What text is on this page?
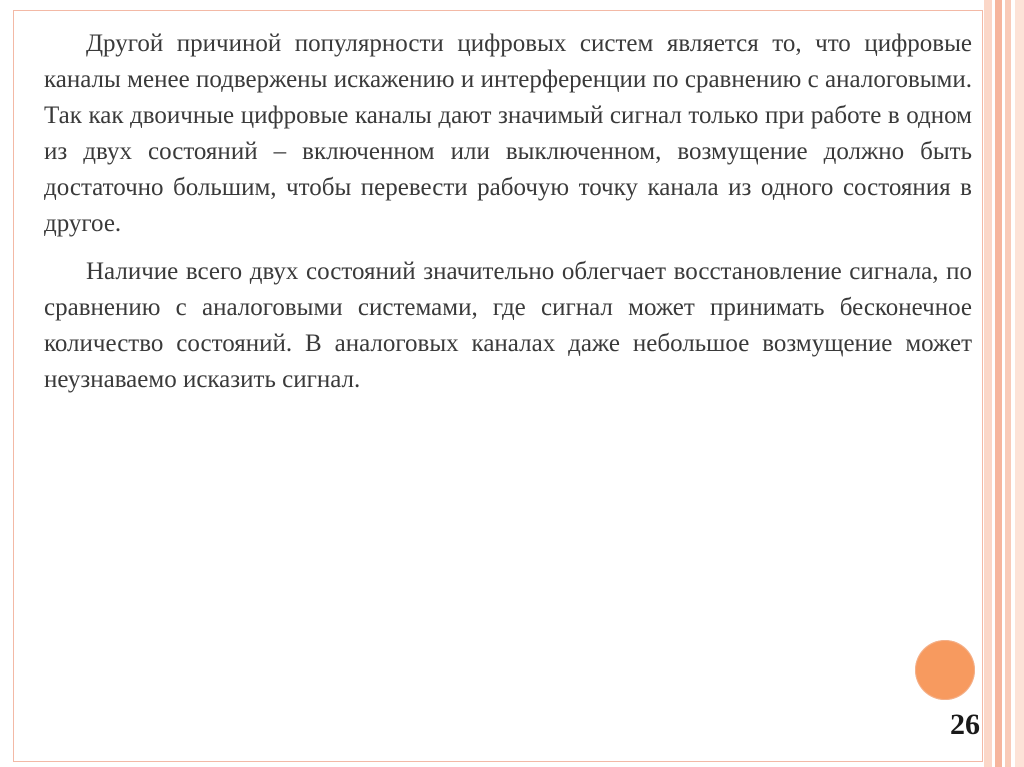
Другой причиной популярности цифровых систем является то, что цифровые каналы менее подвержены искажению и интерференции по сравнению с аналоговыми. Так как двоичные цифровые каналы дают значимый сигнал только при работе в одном из двух состояний – включенном или выключенном, возмущение должно быть достаточно большим, чтобы перевести рабочую точку канала из одного состояния в другое.

Наличие всего двух состояний значительно облегчает восстановление сигнала, по сравнению с аналоговыми системами, где сигнал может принимать бесконечное количество состояний. В аналоговых каналах даже небольшое возмущение может неузнаваемо исказить сигнал.

26
